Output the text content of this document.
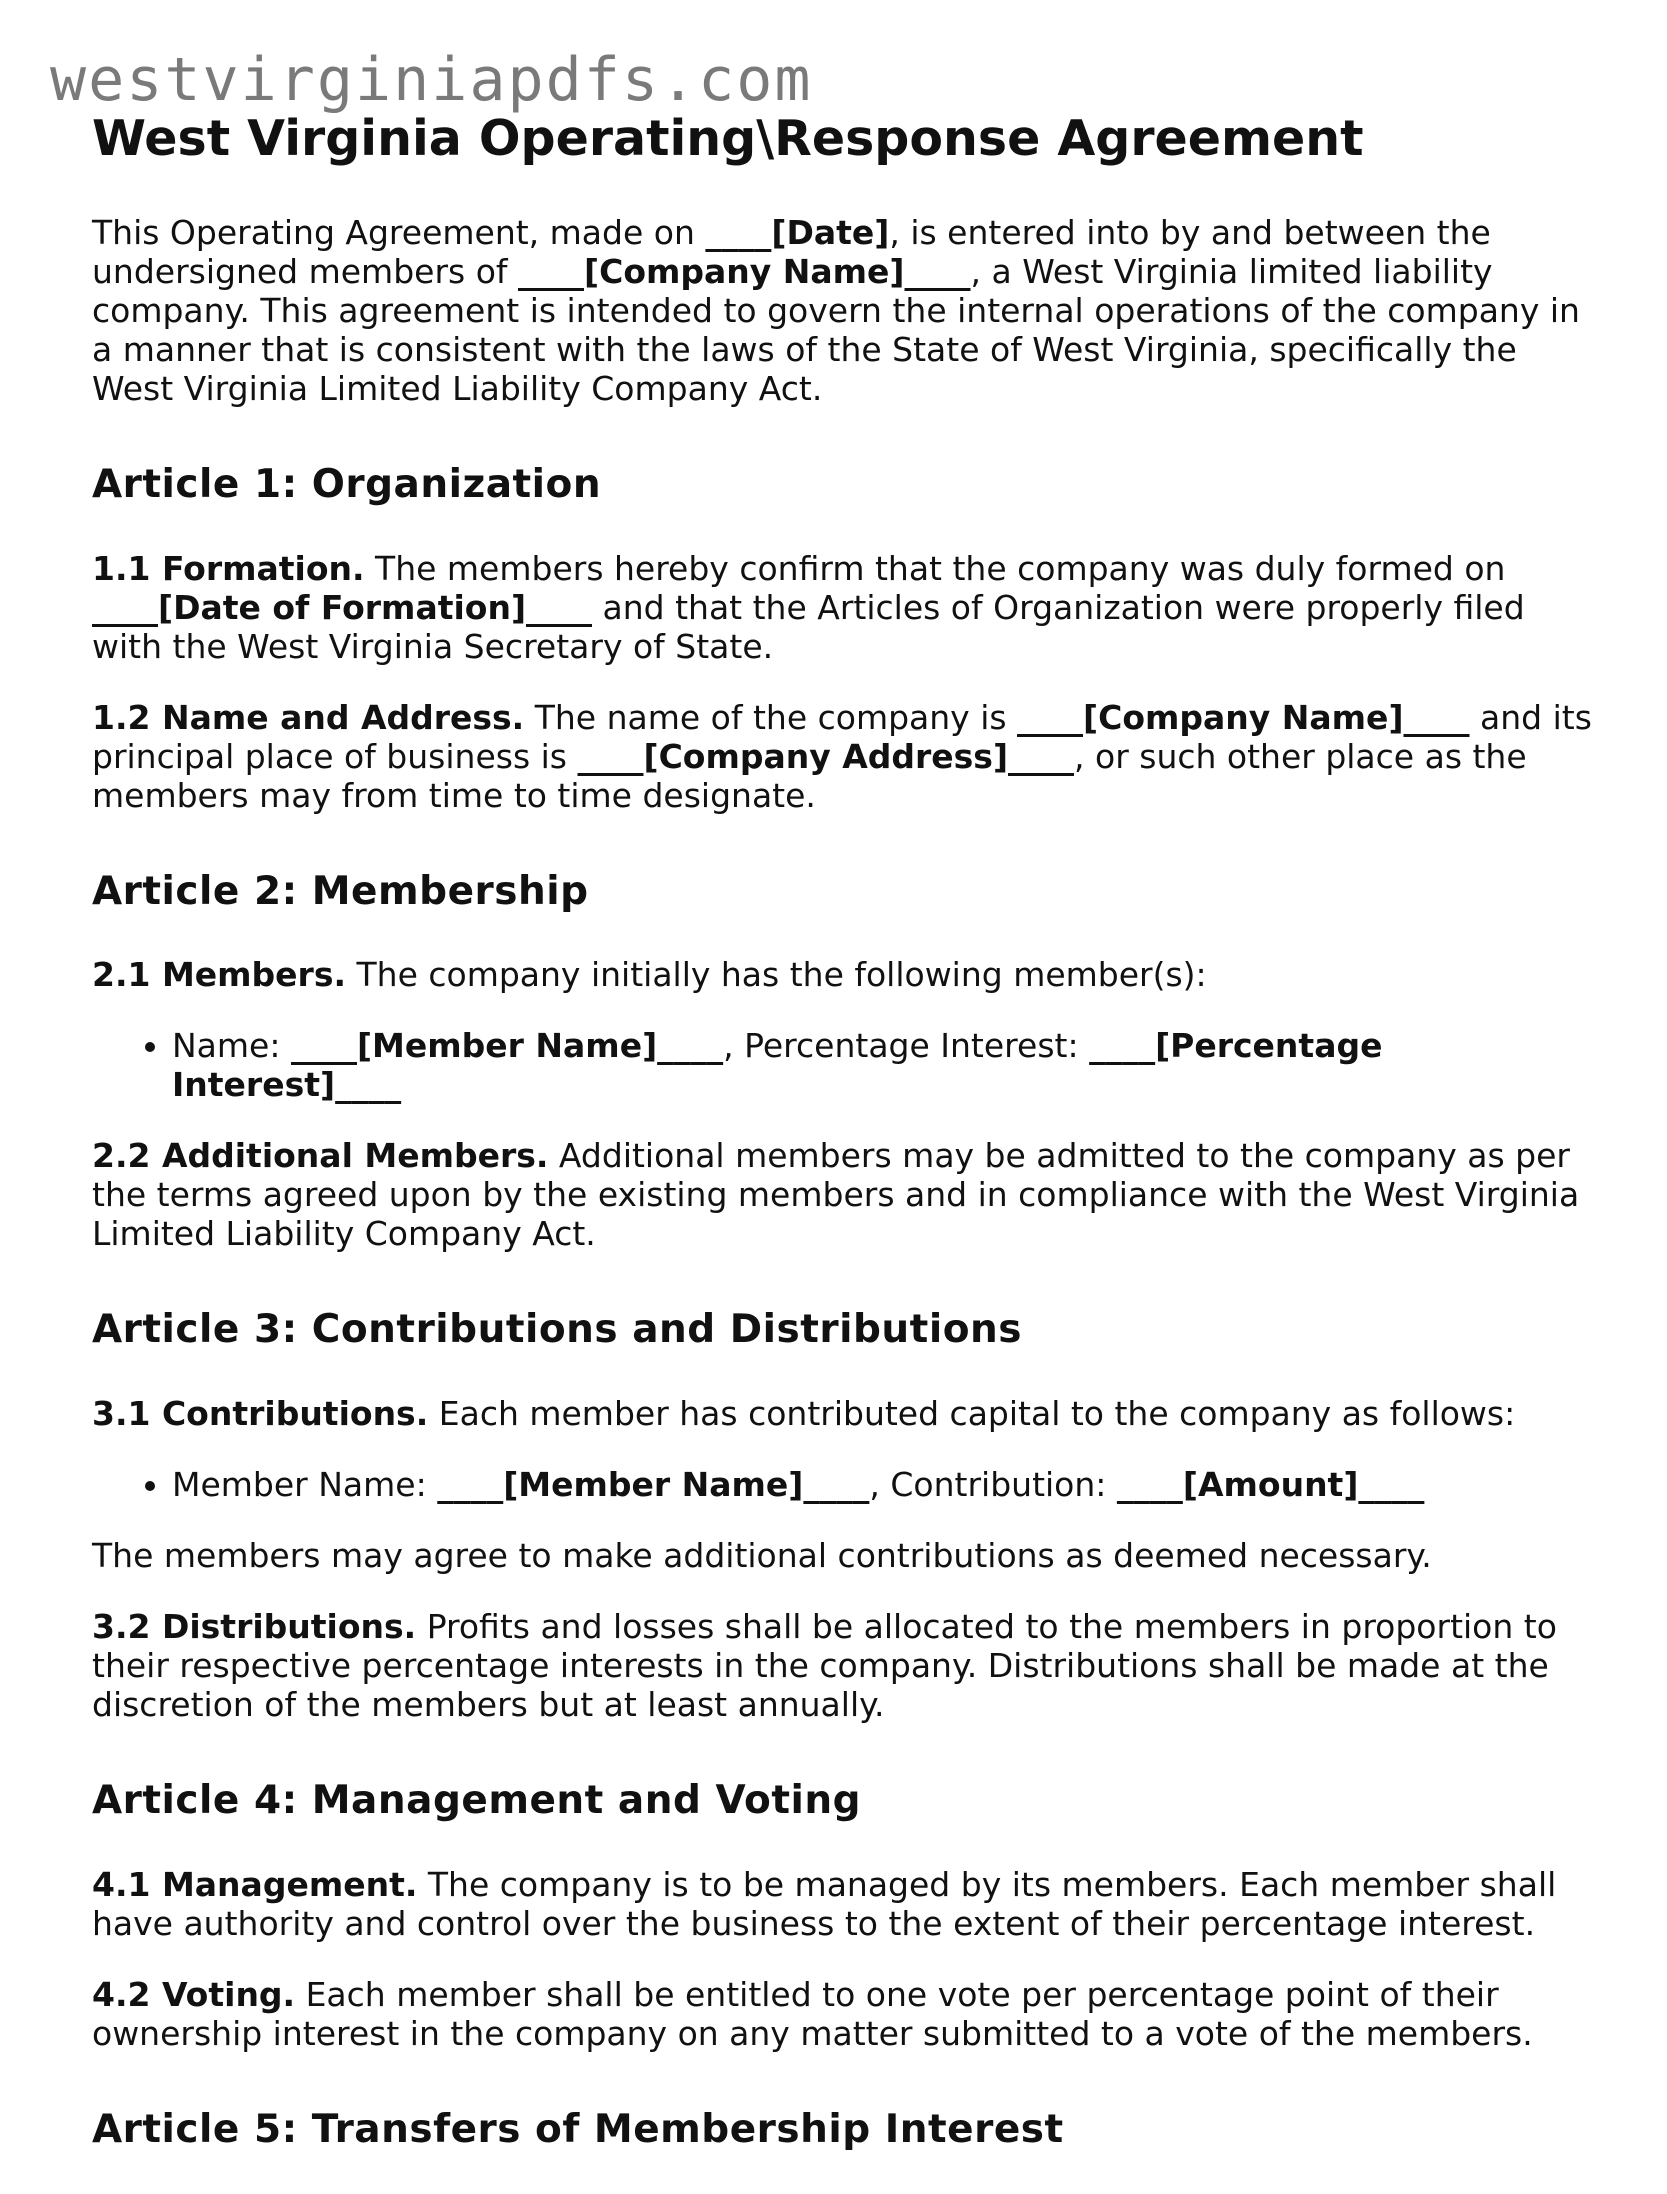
westvirginiapdfs.com
West Virginia Operating\Response Agreement

This Operating Agreement, made on ____[Date], is entered into by and between the undersigned members of ____[Company Name]____, a West Virginia limited liability company. This agreement is intended to govern the internal operations of the company in a manner that is consistent with the laws of the State of West Virginia, specifically the West Virginia Limited Liability Company Act.

Article 1: Organization

1.1 Formation. The members hereby confirm that the company was duly formed on ____[Date of Formation]____ and that the Articles of Organization were properly filed with the West Virginia Secretary of State.

1.2 Name and Address. The name of the company is ____[Company Name]____ and its principal place of business is ____[Company Address]____, or such other place as the members may from time to time designate.

Article 2: Membership

2.1 Members. The company initially has the following member(s):

• Name: ____[Member Name]____, Percentage Interest: ____[Percentage Interest]____

2.2 Additional Members. Additional members may be admitted to the company as per the terms agreed upon by the existing members and in compliance with the West Virginia Limited Liability Company Act.

Article 3: Contributions and Distributions

3.1 Contributions. Each member has contributed capital to the company as follows:

• Member Name: ____[Member Name]____, Contribution: ____[Amount]____

The members may agree to make additional contributions as deemed necessary.

3.2 Distributions. Profits and losses shall be allocated to the members in proportion to their respective percentage interests in the company. Distributions shall be made at the discretion of the members but at least annually.

Article 4: Management and Voting

4.1 Management. The company is to be managed by its members. Each member shall have authority and control over the business to the extent of their percentage interest.

4.2 Voting. Each member shall be entitled to one vote per percentage point of their ownership interest in the company on any matter submitted to a vote of the members.

Article 5: Transfers of Membership Interest
